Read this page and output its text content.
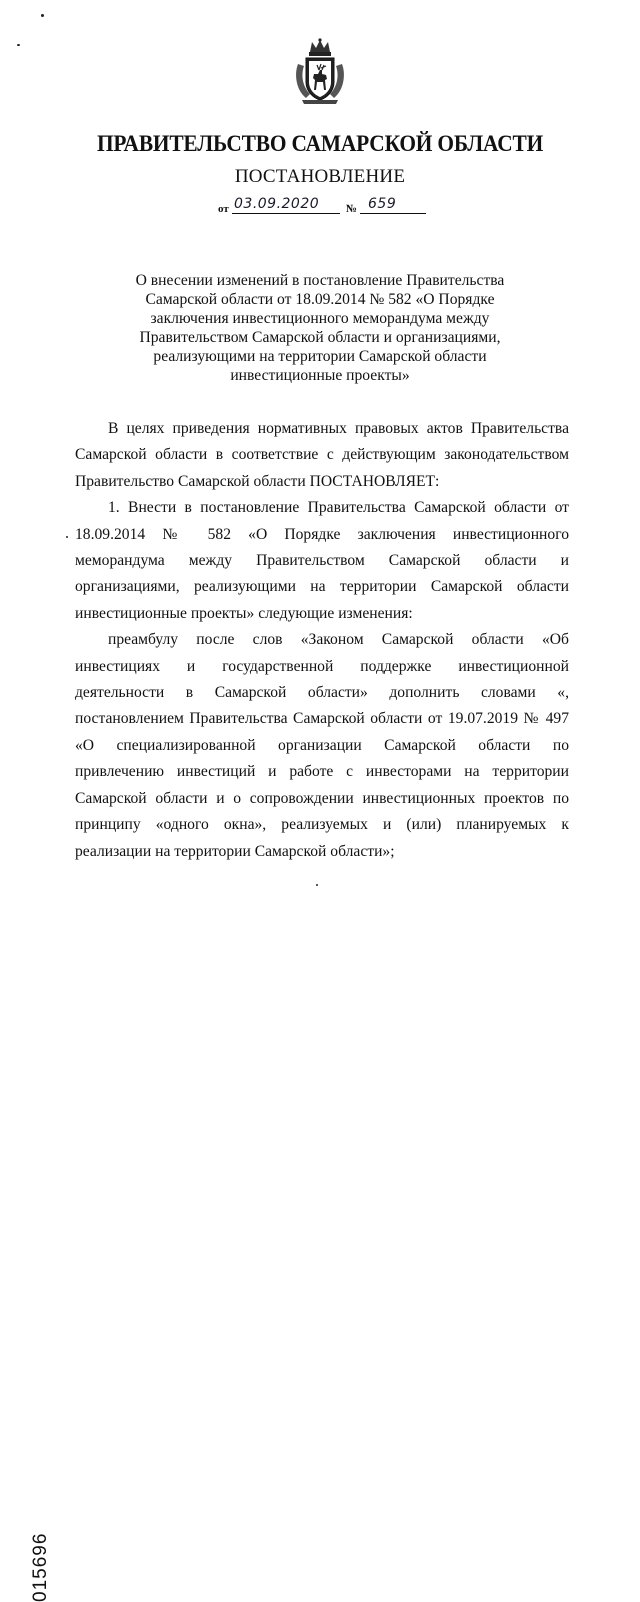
ПРАВИТЕЛЬСТВО САМАРСКОЙ ОБЛАСТИ
ПОСТАНОВЛЕНИЕ
от 03.09.2020 № 659
О внесении изменений в постановление Правительства Самарской области от 18.09.2014 № 582 «О Порядке заключения инвестиционного меморандума между Правительством Самарской области и организациями, реализующими на территории Самарской области инвестиционные проекты»

В целях приведения нормативных правовых актов Правительства Самарской области в соответствие с действующим законодательством Правительство Самарской области ПОСТАНОВЛЯЕТ:

1. Внести в постановление Правительства Самарской области от 18.09.2014 № 582 «О Порядке заключения инвестиционного меморандума между Правительством Самарской области и организациями, реализующими на территории Самарской области инвестиционные проекты» следующие изменения:

преамбулу после слов «Законом Самарской области «Об инвестициях и государственной поддержке инвестиционной деятельности в Самарской области» дополнить словами «, постановлением Правительства Самарской области от 19.07.2019 № 497 «О специализированной организации Самарской области по привлечению инвестиций и работе с инвесторами на территории Самарской области и о сопровождении инвестиционных проектов по принципу «одного окна», реализуемых и (или) планируемых к реализации на территории Самарской области»;

015696
